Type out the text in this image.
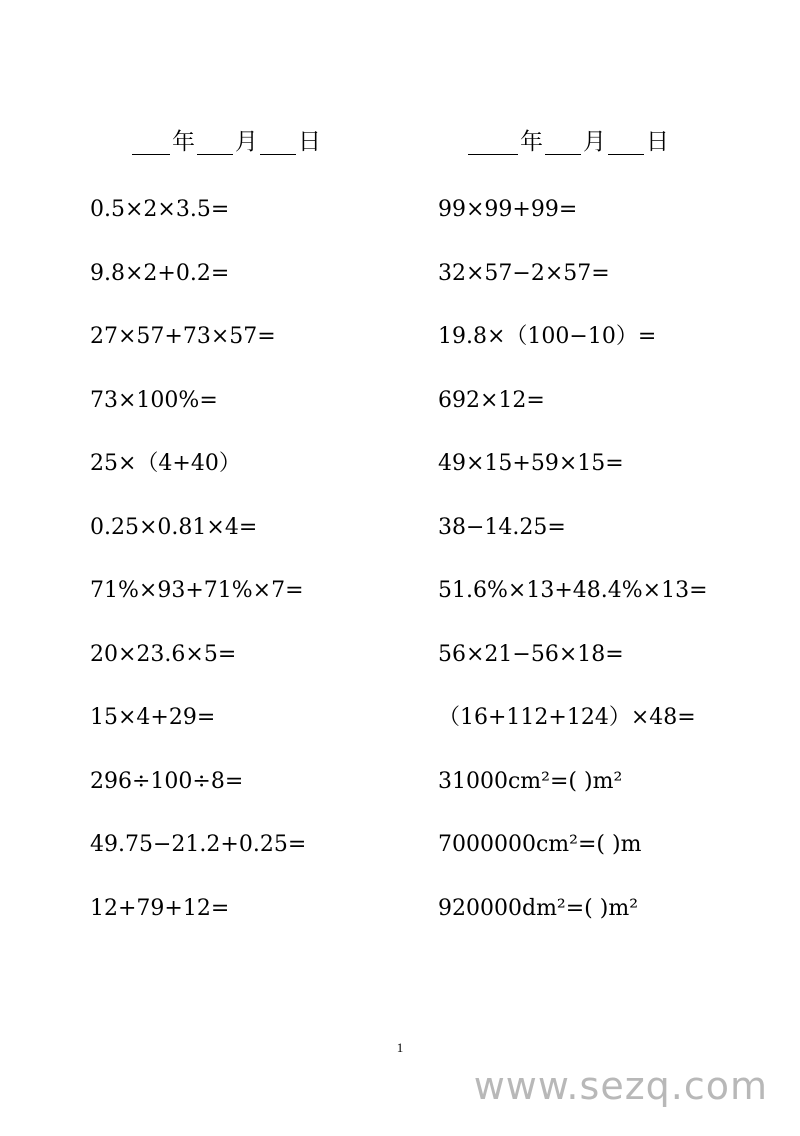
年 月 日	年 月 日
0.5×2×3.5=
9.8×2+0.2=
27×57+73×57=
73×100%=
25×（4+40）
0.25×0.81×4=
71%×93+71%×7=
20×23.6×5=
15×4+29=
296÷100÷8=
49.75−21.2+0.25=
12+79+12=
99×99+99=
32×57−2×57=
19.8×（100−10）=
692×12=
49×15+59×15=
38−14.25=
51.6%×13+48.4%×13=
56×21−56×18=
（16+112+124）×48=
31000cm²=( )m²
7000000cm²=( )m
920000dm²=( )m²
1
www.sezq.com
